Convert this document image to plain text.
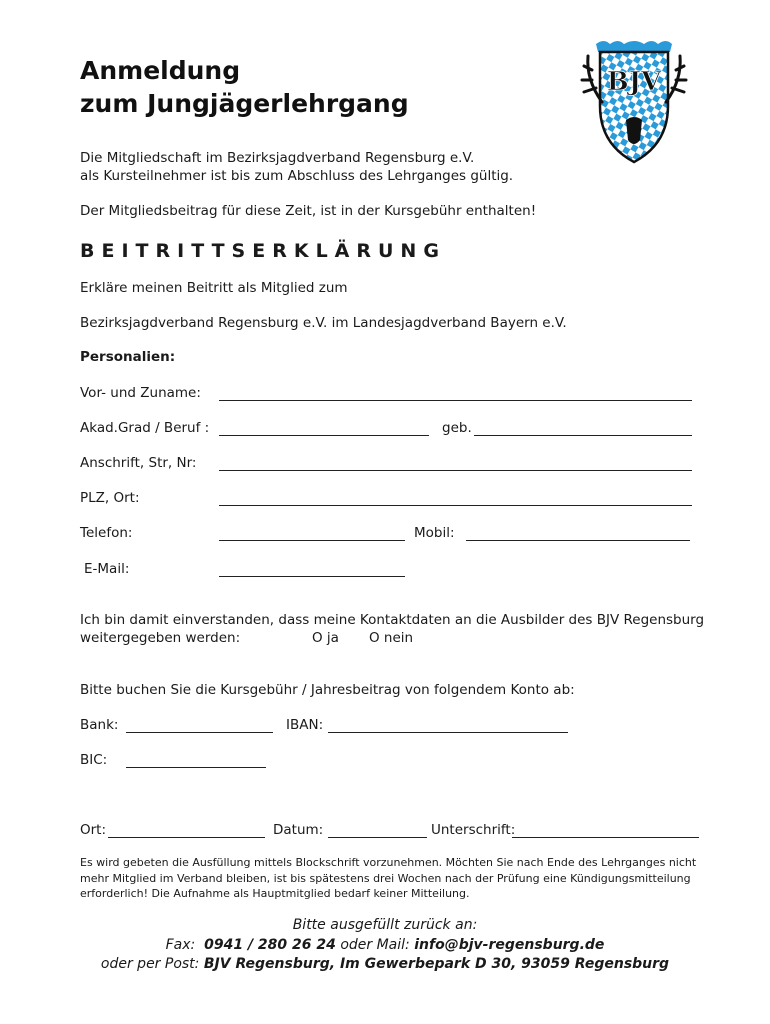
Anmeldung
zum Jungjägerlehrgang
BJV
Die Mitgliedschaft im Bezirksjagdverband Regensburg e.V.
als Kursteilnehmer ist bis zum Abschluss des Lehrganges gültig.
Der Mitgliedsbeitrag für diese Zeit, ist in der Kursgebühr enthalten!
BEITRITTSERKLÄRUNG
Erkläre meinen Beitritt als Mitglied zum
Bezirksjagdverband Regensburg e.V. im Landesjagdverband Bayern e.V.
Personalien:
Vor- und Zuname:
Akad.Grad / Beruf :	geb.
Anschrift, Str, Nr:
PLZ, Ort:
Telefon:	Mobil:
E-Mail:
Ich bin damit einverstanden, dass meine Kontaktdaten an die Ausbilder des BJV Regensburg
weitergegeben werden:	O ja O nein
Bitte buchen Sie die Kursgebühr / Jahresbeitrag von folgendem Konto ab:
Bank:	IBAN:
BIC:
Ort:	Datum:	Unterschrift:
Es wird gebeten die Ausfüllung mittels Blockschrift vorzunehmen. Möchten Sie nach Ende des Lehrganges nicht mehr Mitglied im Verband bleiben, ist bis spätestens drei Wochen nach der Prüfung eine Kündigungsmitteilung erforderlich! Die Aufnahme als Hauptmitglied bedarf keiner Mitteilung.
Bitte ausgefüllt zurück an:
Fax: 0941 / 280 26 24 oder Mail: info@bjv-regensburg.de
oder per Post: BJV Regensburg, Im Gewerbepark D 30, 93059 Regensburg
